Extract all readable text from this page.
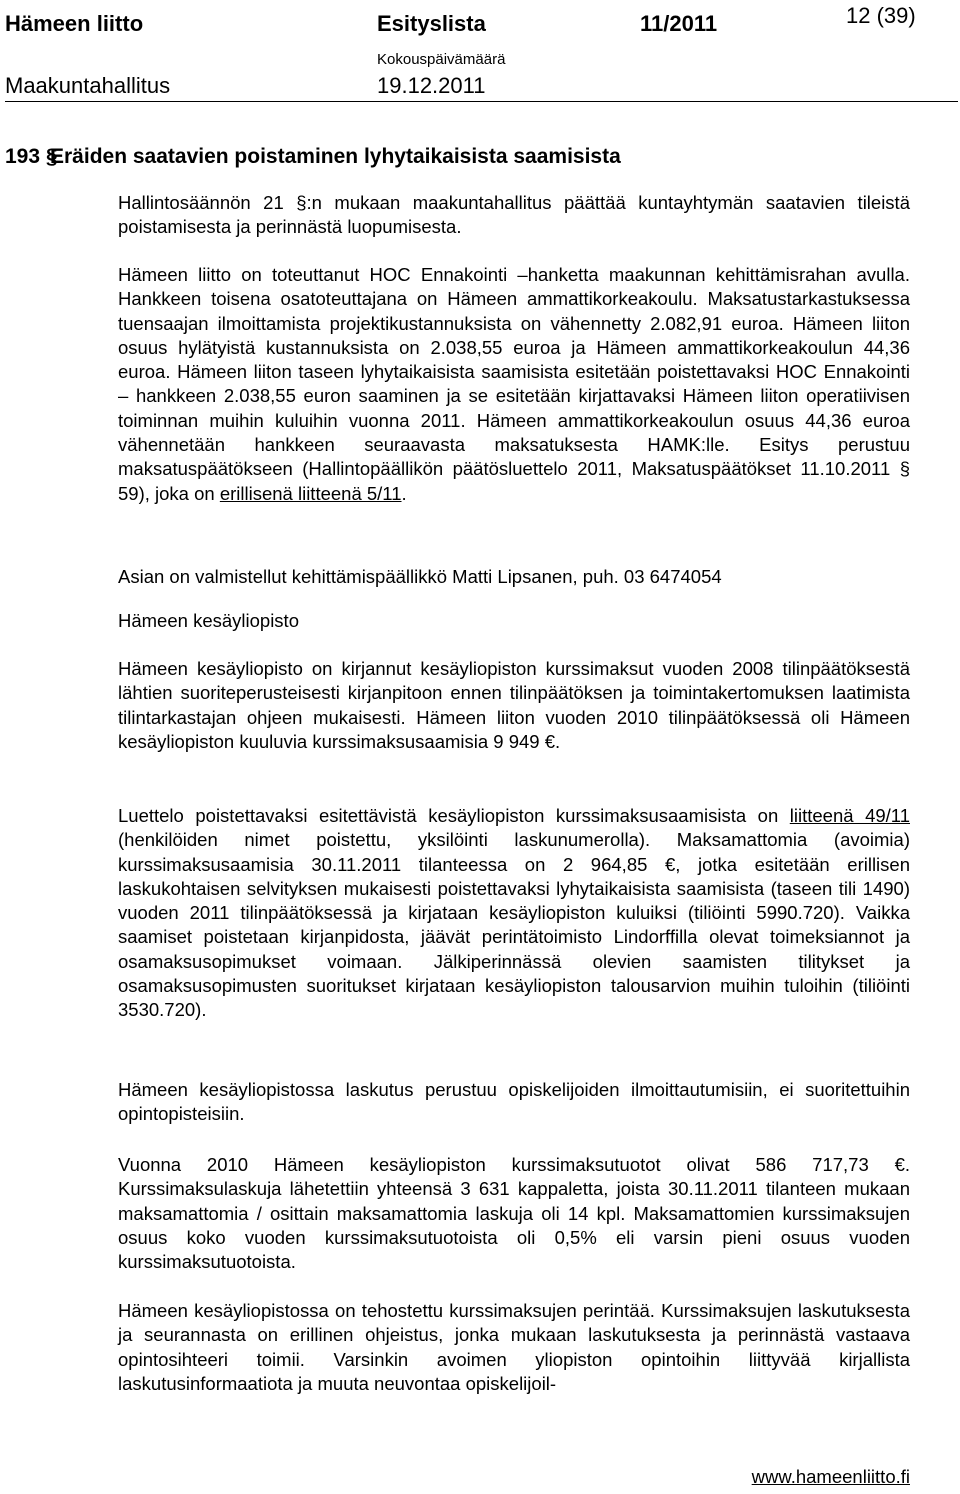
Hämeen liitto	Esityslista	11/2011	12 (39)
Maakuntahallitus
Kokouspäivämäärä
19.12.2011
193 §Eräiden saatavien poistaminen lyhytaikaisista saamisista

Hallintosäännön 21 §:n mukaan maakuntahallitus päättää kuntayhtymän saatavien tileistä poistamisesta ja perinnästä luopumisesta.

Hämeen liitto on toteuttanut HOC Ennakointi –hanketta maakunnan kehittämisrahan avulla. Hankkeen toisena osatoteuttajana on Hämeen ammattikorkeakoulu. Maksatustarkastuksessa tuensaajan ilmoittamista projektikustannuksista on vähennetty 2.082,91 euroa. Hämeen liiton osuus hylätyistä kustannuksista on 2.038,55 euroa ja Hämeen ammattikorkeakoulun 44,36 euroa. Hämeen liiton taseen lyhytaikaisista saamisista esitetään poistettavaksi HOC Ennakointi – hankkeen 2.038,55 euron saaminen ja se esitetään kirjattavaksi Hämeen liiton operatiivisen toiminnan muihin kuluihin vuonna 2011. Hämeen ammattikorkeakoulun osuus 44,36 euroa vähennetään hankkeen seuraavasta maksatuksesta HAMK:lle. Esitys perustuu maksatuspäätökseen (Hallintopäällikön päätösluettelo 2011, Maksatuspäätökset 11.10.2011 § 59), joka on erillisenä liitteenä 5/11.

Asian on valmistellut kehittämispäällikkö Matti Lipsanen, puh. 03 6474054

Hämeen kesäyliopisto

Hämeen kesäyliopisto on kirjannut kesäyliopiston kurssimaksut vuoden 2008 tilinpäätöksestä lähtien suoriteperusteisesti kirjanpitoon ennen tilinpäätöksen ja toimintakertomuksen laatimista tilintarkastajan ohjeen mukaisesti. Hämeen liiton vuoden 2010 tilinpäätöksessä oli Hämeen kesäyliopiston kuuluvia kurssimaksusaamisia 9 949 €.

Luettelo poistettavaksi esitettävistä kesäyliopiston kurssimaksusaamisista on liitteenä 49/11 (henkilöiden nimet poistettu, yksilöinti laskunumerolla). Maksamattomia (avoimia) kurssimaksusaamisia 30.11.2011 tilanteessa on 2 964,85 €, jotka esitetään erillisen laskukohtaisen selvityksen mukaisesti poistettavaksi lyhytaikaisista saamisista (taseen tili 1490) vuoden 2011 tilinpäätöksessä ja kirjataan kesäyliopiston kuluiksi (tiliöinti 5990.720). Vaikka saamiset poistetaan kirjanpidosta, jäävät perintätoimisto Lindorffilla olevat toimeksiannot ja osamaksusopimukset voimaan. Jälkiperinnässä olevien saamisten tilitykset ja osamaksusopimusten suoritukset kirjataan kesäyliopiston talousarvion muihin tuloihin (tiliöinti 3530.720).

Hämeen kesäyliopistossa laskutus perustuu opiskelijoiden ilmoittautumisiin, ei suoritettuihin opintopisteisiin.

Vuonna 2010 Hämeen kesäyliopiston kurssimaksutuotot olivat 586 717,73 €. Kurssimaksulaskuja lähetettiin yhteensä 3 631 kappaletta, joista 30.11.2011 tilanteen mukaan maksamattomia / osittain maksamattomia laskuja oli 14 kpl. Maksamattomien kurssimaksujen osuus koko vuoden kurssimaksutuotoista oli 0,5% eli varsin pieni osuus vuoden kurssimaksutuotoista.

Hämeen kesäyliopistossa on tehostettu kurssimaksujen perintää. Kurssimaksujen laskutuksesta ja seurannasta on erillinen ohjeistus, jonka mukaan laskutuksesta ja perinnästä vastaava opintosihteeri toimii. Varsinkin avoimen yliopiston opintoihin liittyvää kirjallista laskutusinformaatiota ja muuta neuvontaa opiskelijoil-

www.hameenliitto.fi
